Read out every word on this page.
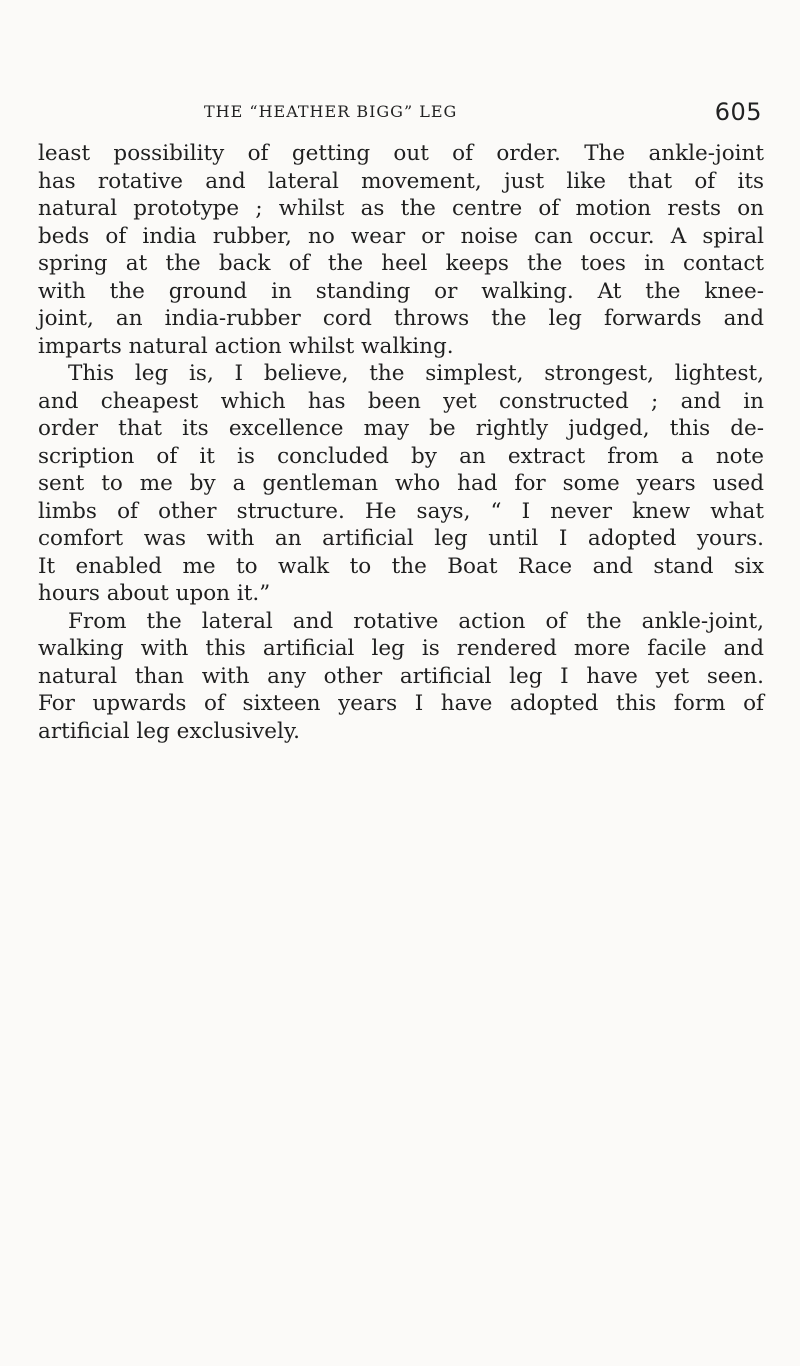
THE “HEATHER BIGG” LEG	605
least possibility of getting out of order. The ankle-joint
has rotative and lateral movement, just like that of its
natural prototype ; whilst as the centre of motion rests on
beds of india rubber, no wear or noise can occur. A spiral
spring at the back of the heel keeps the toes in contact
with the ground in standing or walking. At the knee-
joint, an india-rubber cord throws the leg forwards and
imparts natural action whilst walking.
This leg is, I believe, the simplest, strongest, lightest,
and cheapest which has been yet constructed ; and in
order that its excellence may be rightly judged, this de-
scription of it is concluded by an extract from a note
sent to me by a gentleman who had for some years used
limbs of other structure. He says, “ I never knew what
comfort was with an artificial leg until I adopted yours.
It enabled me to walk to the Boat Race and stand six
hours about upon it.”
From the lateral and rotative action of the ankle-joint,
walking with this artificial leg is rendered more facile and
natural than with any other artificial leg I have yet seen.
For upwards of sixteen years I have adopted this form of
artificial leg exclusively.
